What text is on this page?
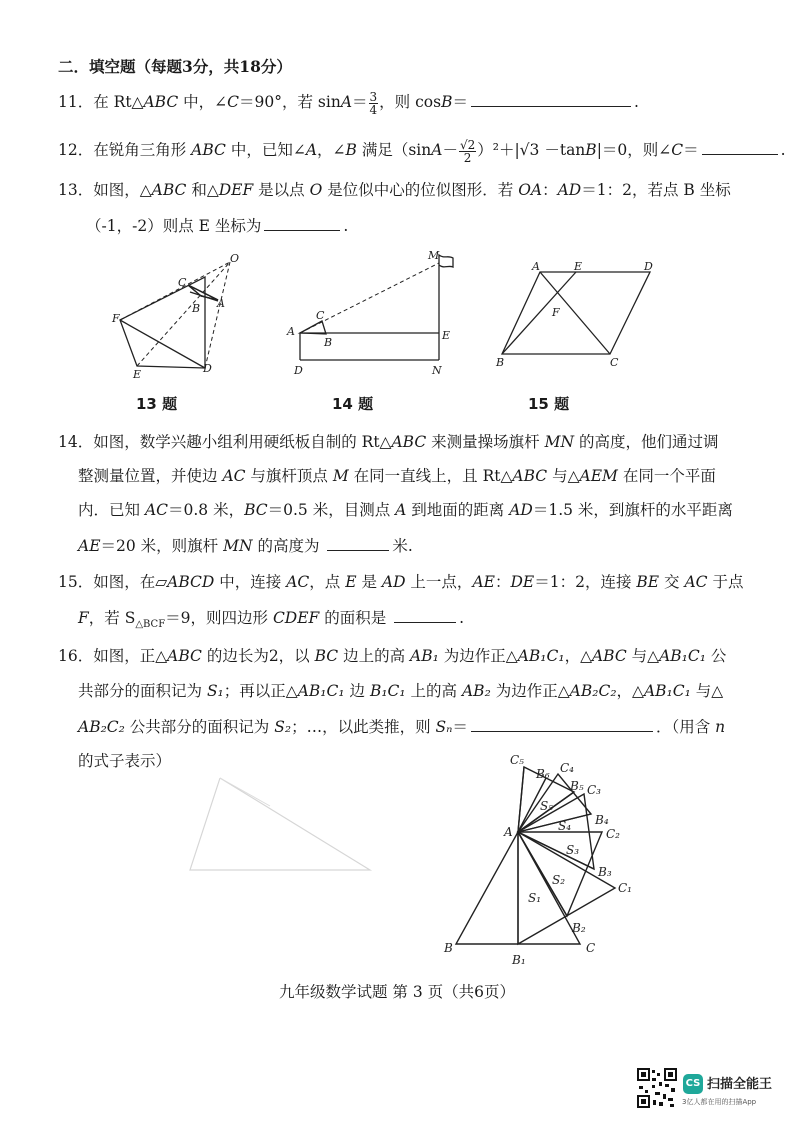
二．填空题（每题3分，共18分）
11．在 Rt△ABC 中，∠C＝90°，若 $\sin A= \frac{3}{4}$ ，则 cosB＝	.
12．在锐角三角形 ABC 中，已知∠A，∠B 满足$(\sin A- \frac{√2}{2} )^2+|√3 -\tan B|=0$，则∠C＝	.
13．如图，△ABC 和△DEF 是以点 O 是位似中心的位似图形．若 OA：AD＝1：2，若点 B 坐标
（-1，-2）则点 E 坐标为	.
O
C
B A
F
E	D
13 题
M
A
C
B
E
D	N
14 题
A	E	D
F
B	C
15 题
14．如图，数学兴趣小组利用硬纸板自制的 Rt△ABC 来测量操场旗杆 MN 的高度，他们通过调
整测量位置，并使边 AC 与旗杆顶点 M 在同一直线上，且 Rt△ABC 与△AEM 在同一个平面
内．已知 AC＝0.8 米，BC＝0.5 米，目测点 A 到地面的距离 AD＝1.5 米，到旗杆的水平距离
AE＝20 米，则旗杆 MN 的高度为	米.
15．如图，在▱ABCD 中，连接 AC，点 E 是 AD 上一点，AE：DE＝1：2，连接 BE 交 AC 于点
F，若 $S_{\triangle BCF}=9$，则四边形 CDEF 的面积是	.
16．如图，正△ABC 的边长为2，以 BC 边上的高 AB₁ 为边作正△AB₁C₁，△ABC 与△AB₁C₁ 公
共部分的面积记为 S₁；再以正△AB₁C₁ 边 B₁C₁ 上的高 AB₂ 为边作正△AB₂C₂，△AB₁C₁ 与△
AB₂C₂ 公共部分的面积记为 S₂；…，以此类推，则 Sₙ＝	．（用含 n
的式子表示）
A
B
B₁
C
B₂
C₁
B₃
C₂
B₄
C₃
B₅
C₄
B₆
C₅
S₁
S₂
S₃
S₄
S₅
九年级数学试题 第 3 页（共6页）
CS 扫描全能王
3亿人都在用的扫描App
